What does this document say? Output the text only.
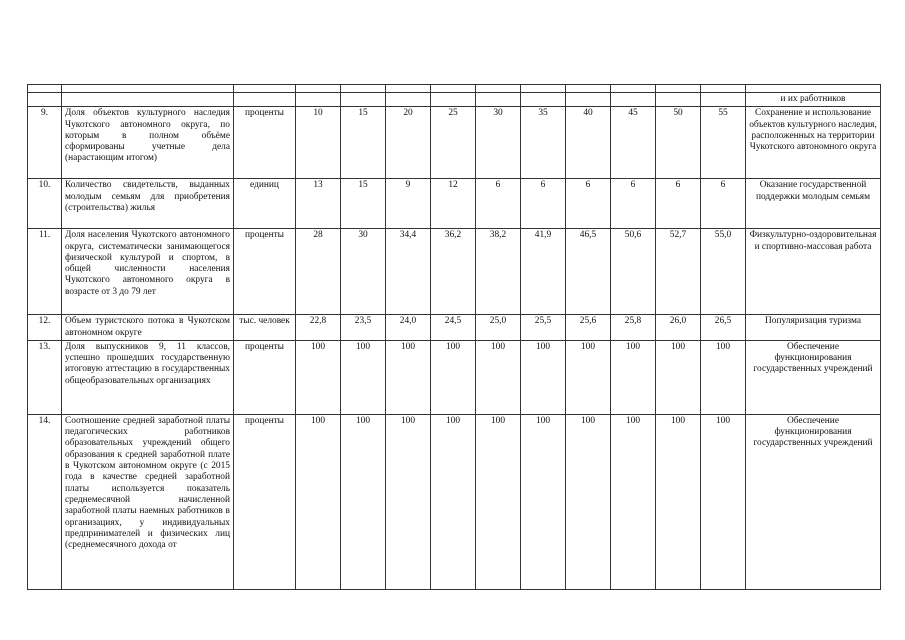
													и их работников
9.	Доля объектов культурного наследия Чукотского автономного округа, по которым в полном объёме сформированы учетные дела (нарастающим итогом)	проценты	10	15	20	25	30	35	40	45	50	55	Сохранение и использование объектов культурного наследия, расположенных на территории Чукотского автономного округа
10.	Количество свидетельств, выданных молодым семьям для приобретения (строительства) жилья	единиц	13	15	9	12	6	6	6	6	6	6	Оказание государственной поддержки молодым семьям
11.	Доля населения Чукотского автономного округа, систематически занимающегося физической культурой и спортом, в общей численности населения Чукотского автономного округа в возрасте от 3 до 79 лет	проценты	28	30	34,4	36,2	38,2	41,9	46,5	50,6	52,7	55,0	Физкультурно-оздоровительная и спортивно-массовая работа
12.	Объем туристского потока в Чукотском автономном округе	тыс. человек	22,8	23,5	24,0	24,5	25,0	25,5	25,6	25,8	26,0	26,5	Популяризация туризма
13.	Доля выпускников 9, 11 классов, успешно прошедших государственную итоговую аттестацию в государственных общеобразовательных организациях	проценты	100	100	100	100	100	100	100	100	100	100	Обеспечение функционирования государственных учреждений
14.	Соотношение средней заработной платы педагогических работников образовательных учреждений общего образования к средней заработной плате в Чукотском автономном округе (с 2015 года в качестве средней заработной платы используется показатель среднемесячной начисленной заработной платы наемных работников в организациях, у индивидуальных предпринимателей и физических лиц (среднемесячного дохода от	проценты	100	100	100	100	100	100	100	100	100	100	Обеспечение функционирования государственных учреждений
